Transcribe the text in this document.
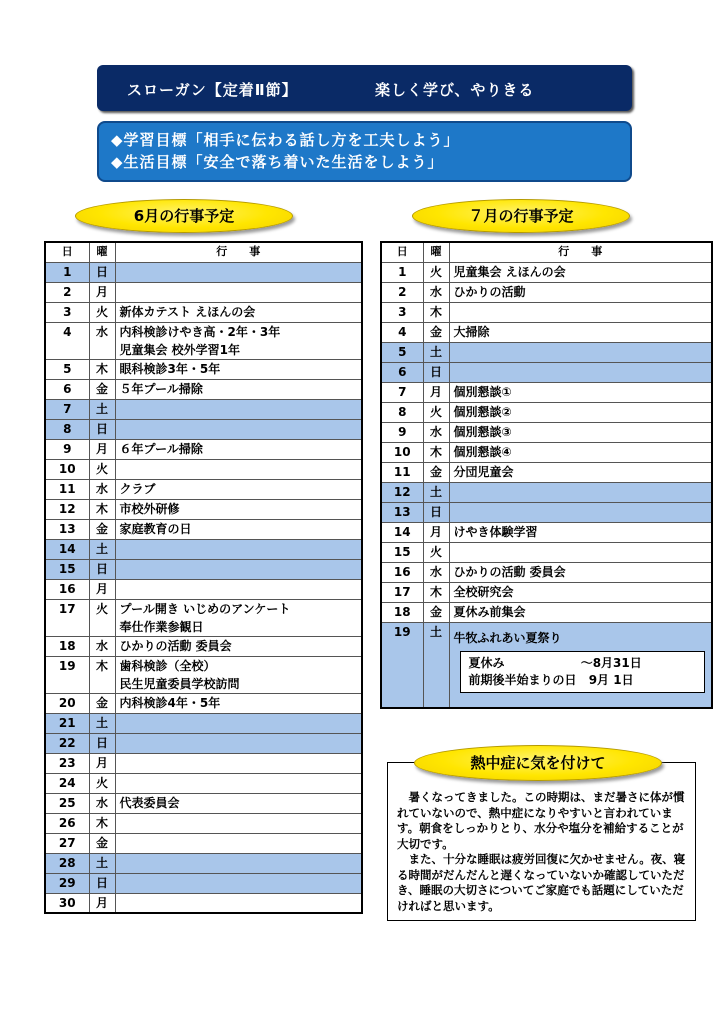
スローガン【定着Ⅱ節】	楽しく学び、やりきる
◆学習目標「相手に伝わる話し方を工夫しよう」
◆生活目標「安全で落ち着いた生活をしよう」
6月の行事予定	７月の行事予定
日	曜	行事
1	日	

2	月	

3	火	新体カテスト えほんの会

4	水	内科検診けやき高・2年・3年
児童集会 校外学習1年

5	木	眼科検診3年・5年

6	金	５年プール掃除

7	土	

8	日	

9	月	６年プール掃除

10	火	

11	水	クラブ

12	木	市校外研修

13	金	家庭教育の日

14	土	

15	日	

16	月	

17	火	プール開き いじめのアンケート
奉仕作業参観日

18	水	ひかりの活動 委員会

19	木	歯科検診（全校）
民生児童委員学校訪問

20	金	内科検診4年・5年

21	土	

22	日	

23	月	

24	火	

25	水	代表委員会

26	木	

27	金	

28	土	

29	日	

30	月	
日	曜	行事
1	火	児童集会 えほんの会

2	水	ひかりの活動

3	木	

4	金	大掃除

5	土	

6	日	

7	月	個別懇談①

8	火	個別懇談②

9	水	個別懇談③

10	木	個別懇談④

11	金	分団児童会

12	土	

13	日	

14	月	けやき体験学習

15	火	

16	水	ひかりの活動 委員会

17	木	全校研究会

18	金	夏休み前集会

19	土	牛牧ふれあい夏祭り
夏休み ～8月31日
前期後半始まりの日 9月 1日

暑くなってきました。この時期は、まだ暑さに体が慣れていないので、熱中症になりやすいと言われています。朝食をしっかりとり、水分や塩分を補給することが大切です。

また、十分な睡眠は疲労回復に欠かせません。夜、寝る時間がだんだんと遅くなっていないか確認していただき、睡眠の大切さについてご家庭でも話題にしていただければと思います。

熱中症に気を付けて
